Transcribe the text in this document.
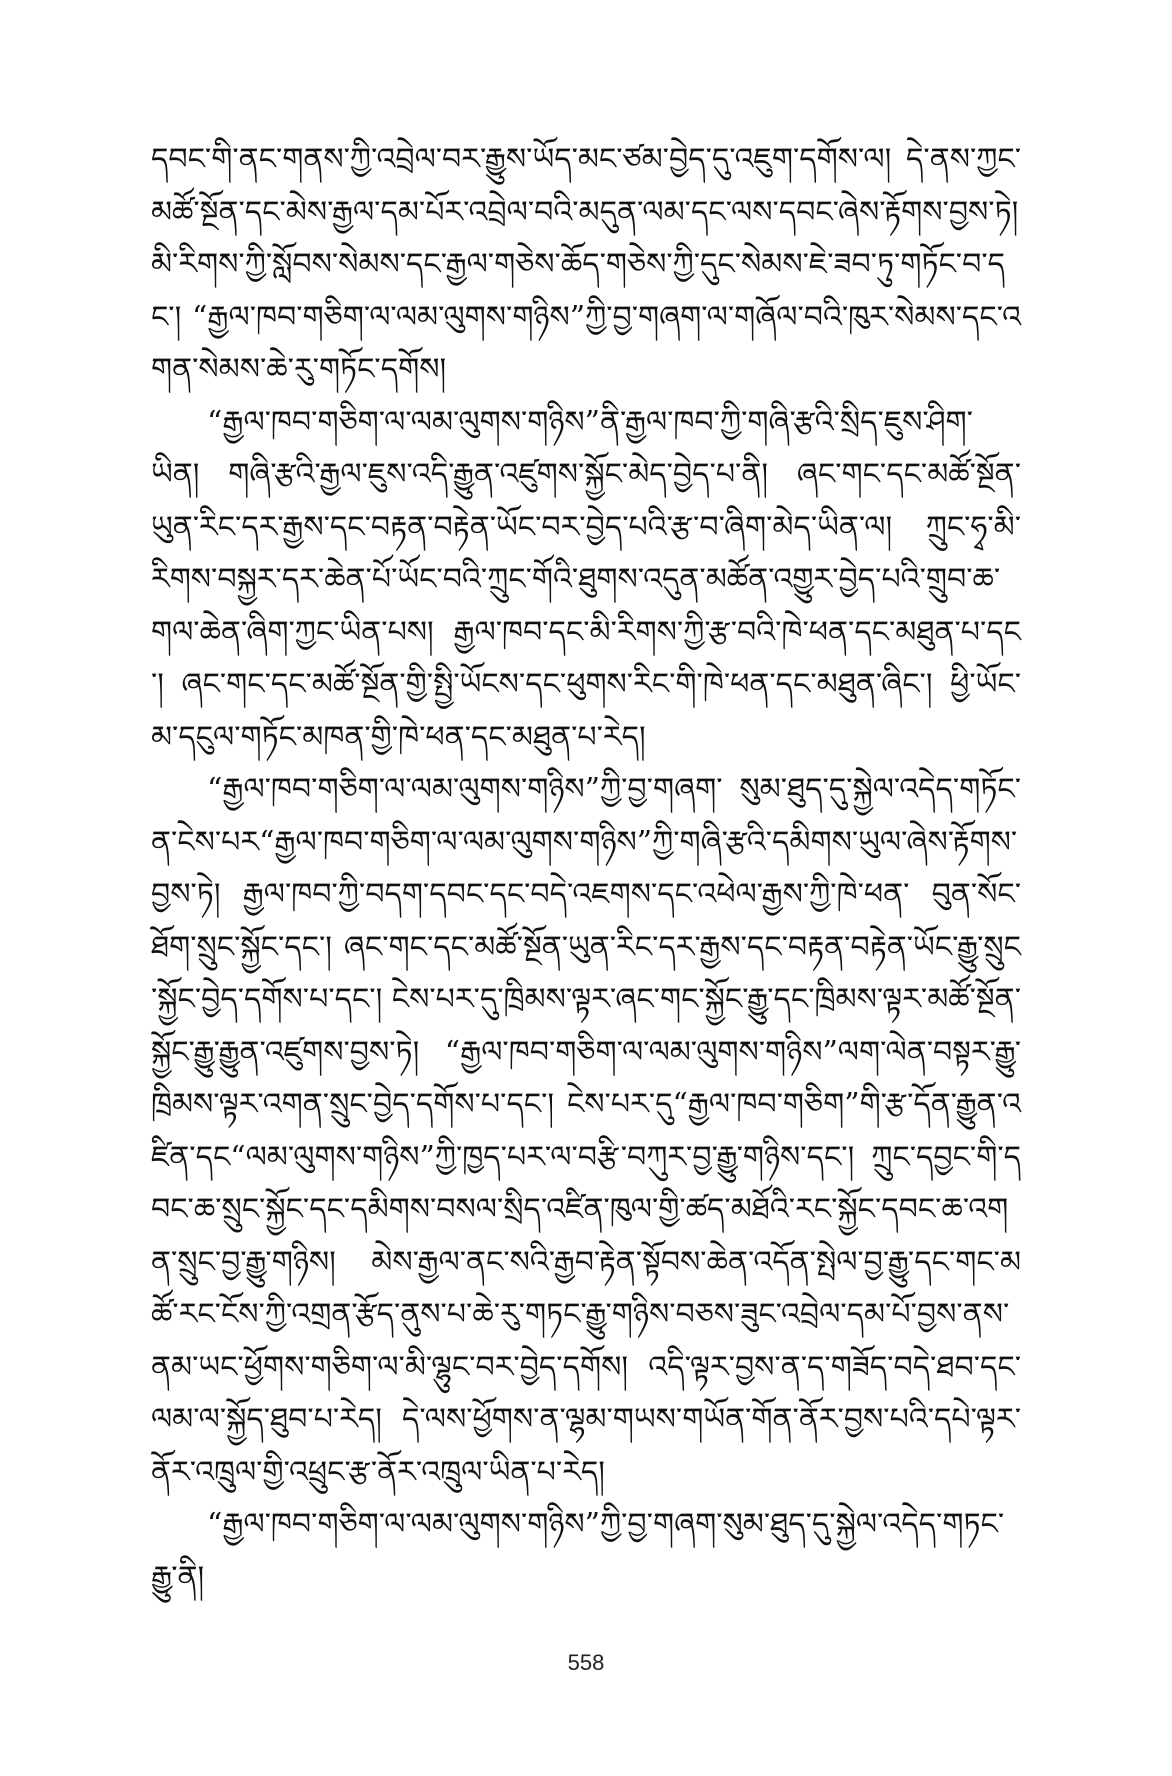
དབང་གི་ནང་གནས་ཀྱི་འབྲེལ་བར་རྒྱུས་ཡོད་མང་ཙམ་བྱེད་དུ་འཇུག་དགོས་ལ། དེ་ནས་ཀྱང་མཚོ་སྔོན་དང་མེས་རྒྱལ་དམ་པོར་འབྲེལ་བའི་མདུན་ལམ་དང་ལས་དབང་ཞེས་རྟོགས་བྱས་ཏེ། མི་རིགས་ཀྱི་སློབས་སེམས་དང་རྒྱལ་གཅེས་ཆོད་གཅེས་ཀྱི་དུང་སེམས་ཇེ་ཟབ་ཏུ་གཏོང་བ་དང་། “རྒྱལ་ཁབ་གཅིག་ལ་ལམ་ལུགས་གཉིས”ཀྱི་བྱ་གཞག་ལ་གཞོལ་བའི་ཁུར་སེམས་དང་འགན་སེམས་ཆེ་རུ་གཏོང་དགོས།

“རྒྱལ་ཁབ་གཅིག་ལ་ལམ་ལུགས་གཉིས”ནི་རྒྱལ་ཁབ་ཀྱི་གཞི་རྩའི་སྲིད་ཇུས་ཤིག་ཡིན། གཞི་རྩའི་རྒྱལ་ཇུས་འདི་རྒྱུན་འཛུགས་སྐྱོང་མེད་བྱེད་པ་ནི། ཞང་གང་དང་མཚོ་སྔོན་ཡུན་རིང་དར་རྒྱས་དང་བརྟན་བརྟེན་ཡོང་བར་བྱེད་པའི་རྩ་བ་ཞིག་མེད་ཡིན་ལ། ཀྲུང་ཧྭ་མི་རིགས་བསྐྱར་དར་ཆེན་པོ་ཡོང་བའི་ཀྲུང་གོའི་ཐུགས་འདུན་མཚོན་འགྱུར་བྱེད་པའི་གྲུབ་ཆ་གལ་ཆེན་ཞིག་ཀྱང་ཡིན་པས། རྒྱལ་ཁབ་དང་མི་རིགས་ཀྱི་རྩ་བའི་ཁེ་ཕན་དང་མཐུན་པ་དང་། ཞང་གང་དང་མཚོ་སྔོན་གྱི་སྤྱི་ཡོངས་དང་ཕུགས་རིང་གི་ཁེ་ཕན་དང་མཐུན་ཞིང་། ཕྱི་ཡོང་མ་དངུལ་གཏོང་མཁན་གྱི་ཁེ་ཕན་དང་མཐུན་པ་རེད།

“རྒྱལ་ཁབ་གཅིག་ལ་ལམ་ལུགས་གཉིས”ཀྱི་བྱ་གཞག་ སུམ་ཐུད་དུ་སྐྱེལ་འདེད་གཏོང་ན་ངེས་པར“རྒྱལ་ཁབ་གཅིག་ལ་ལམ་ལུགས་གཉིས”ཀྱི་གཞི་རྩའི་དམིགས་ཡུལ་ཞེས་རྟོགས་བྱས་ཏེ། རྒྱལ་ཁབ་ཀྱི་བདག་དབང་དང་བདེ་འཇགས་དང་འཕེལ་རྒྱས་ཀྱི་ཁེ་ཕན་ བུན་སོང་ཐོག་སྲུང་སྐྱོང་དང་། ཞང་གང་དང་མཚོ་སྔོན་ཡུན་རིང་དར་རྒྱས་དང་བརྟན་བརྟེན་ཡོང་རྒྱུ་སྲུང་སྐྱོང་བྱེད་དགོས་པ་དང་། ངེས་པར་དུ་ཁྲིམས་ལྟར་ཞང་གང་སྐྱོང་རྒྱུ་དང་ཁྲིམས་ལྟར་མཚོ་སྔོན་སྐྱོང་རྒྱུ་རྒྱུན་འཛུགས་བྱས་ཏེ། “རྒྱལ་ཁབ་གཅིག་ལ་ལམ་ལུགས་གཉིས”ལག་ལེན་བསྟར་རྒྱུ་ཁྲིམས་ལྟར་འགན་སྲུང་བྱེད་དགོས་པ་དང་། ངེས་པར་དུ“རྒྱལ་ཁབ་གཅིག”གི་རྩ་དོན་རྒྱུན་འཛིན་དང“ལམ་ལུགས་གཉིས”ཀྱི་ཁྱད་པར་ལ་བརྩི་བཀུར་བྱ་རྒྱུ་གཉིས་དང་། ཀྲུང་དབྱང་གི་དབང་ཆ་སྲུང་སྐྱོང་དང་དམིགས་བསལ་སྲིད་འཛིན་ཁུལ་གྱི་ཚད་མཐོའི་རང་སྐྱོང་དབང་ཆ་འགན་སྲུང་བྱ་རྒྱུ་གཉིས། མེས་རྒྱལ་ནང་སའི་རྒྱབ་རྟེན་སྟོབས་ཆེན་འདོན་སྤེལ་བྱ་རྒྱུ་དང་གང་མཚོ་རང་ངོས་ཀྱི་འགྲན་རྩོད་ནུས་པ་ཆེ་རུ་གཏང་རྒྱུ་གཉིས་བཅས་ཟུང་འབྲེལ་དམ་པོ་བྱས་ནས་ནམ་ཡང་ཕྱོགས་གཅིག་ལ་མི་ལྷུང་བར་བྱེད་དགོས། འདི་ལྟར་བྱས་ན་ད་གཟོད་བདེ་ཐབ་དང་ལམ་ལ་སྐྱོད་ཐུབ་པ་རེད། དེ་ལས་ཕྱོགས་ན་ལྷམ་གཡས་གཡོན་གོན་ནོར་བྱས་པའི་དཔེ་ལྟར་ནོར་འཁྲུལ་གྱི་འཕྲུང་རྩ་ནོར་འཁྲུལ་ཡིན་པ་རེད།

“རྒྱལ་ཁབ་གཅིག་ལ་ལམ་ལུགས་གཉིས”ཀྱི་བྱ་གཞག་སུམ་ཐུད་དུ་སྐྱེལ་འདེད་གཏང་རྒྱུ་ནི།

558
